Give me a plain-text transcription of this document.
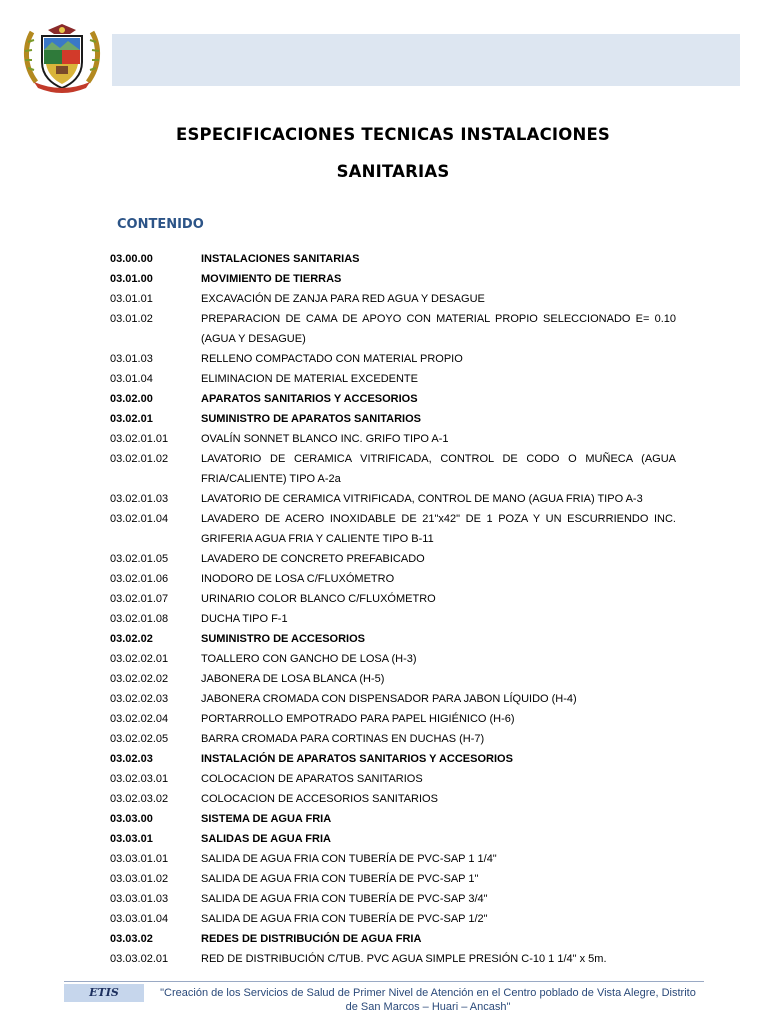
ESPECIFICACIONES TECNICAS INSTALACIONES
SANITARIAS
CONTENIDO
03.00.00	INSTALACIONES SANITARIAS
03.01.00	MOVIMIENTO DE TIERRAS
03.01.01	EXCAVACIÓN DE ZANJA PARA RED AGUA Y DESAGUE
03.01.02	PREPARACION DE CAMA DE APOYO CON MATERIAL PROPIO SELECCIONADO E= 0.10 (AGUA Y DESAGUE)
03.01.03	RELLENO COMPACTADO CON MATERIAL PROPIO
03.01.04	ELIMINACION DE MATERIAL EXCEDENTE
03.02.00	APARATOS SANITARIOS Y ACCESORIOS
03.02.01	SUMINISTRO DE APARATOS SANITARIOS
03.02.01.01	OVALÍN SONNET BLANCO INC. GRIFO TIPO A-1
03.02.01.02	LAVATORIO DE CERAMICA VITRIFICADA, CONTROL DE CODO O MUÑECA (AGUA FRIA/CALIENTE) TIPO A-2a
03.02.01.03	LAVATORIO DE CERAMICA VITRIFICADA, CONTROL DE MANO (AGUA FRIA) TIPO A-3
03.02.01.04	LAVADERO DE ACERO INOXIDABLE DE 21"x42" DE 1 POZA Y UN ESCURRIENDO INC. GRIFERIA AGUA FRIA Y CALIENTE TIPO B-11
03.02.01.05	LAVADERO DE CONCRETO PREFABICADO
03.02.01.06	INODORO DE LOSA C/FLUXÓMETRO
03.02.01.07	URINARIO COLOR BLANCO C/FLUXÓMETRO
03.02.01.08	DUCHA TIPO F-1
03.02.02	SUMINISTRO DE ACCESORIOS
03.02.02.01	TOALLERO CON GANCHO DE LOSA (H-3)
03.02.02.02	JABONERA DE LOSA BLANCA (H-5)
03.02.02.03	JABONERA CROMADA CON DISPENSADOR PARA JABON LÍQUIDO (H-4)
03.02.02.04	PORTARROLLO EMPOTRADO PARA PAPEL HIGIÉNICO (H-6)
03.02.02.05	BARRA CROMADA PARA CORTINAS EN DUCHAS (H-7)
03.02.03	INSTALACIÓN DE APARATOS SANITARIOS Y ACCESORIOS
03.02.03.01	COLOCACION DE APARATOS SANITARIOS
03.02.03.02	COLOCACION DE ACCESORIOS SANITARIOS
03.03.00	SISTEMA DE AGUA FRIA
03.03.01	SALIDAS DE AGUA FRIA
03.03.01.01	SALIDA DE AGUA FRIA CON TUBERÍA DE PVC-SAP 1 1/4"
03.03.01.02	SALIDA DE AGUA FRIA CON TUBERÍA DE PVC-SAP 1"
03.03.01.03	SALIDA DE AGUA FRIA CON TUBERÍA DE PVC-SAP 3/4"
03.03.01.04	SALIDA DE AGUA FRIA CON TUBERÍA DE PVC-SAP 1/2"
03.03.02	REDES DE DISTRIBUCIÓN DE AGUA FRIA
03.03.02.01	RED DE DISTRIBUCIÓN C/TUB. PVC AGUA SIMPLE PRESIÓN C-10 1 1/4" x 5m.
ETIS	"Creación de los Servicios de Salud de Primer Nivel de Atención en el Centro poblado de Vista Alegre, Distrito de San Marcos – Huari – Ancash"
